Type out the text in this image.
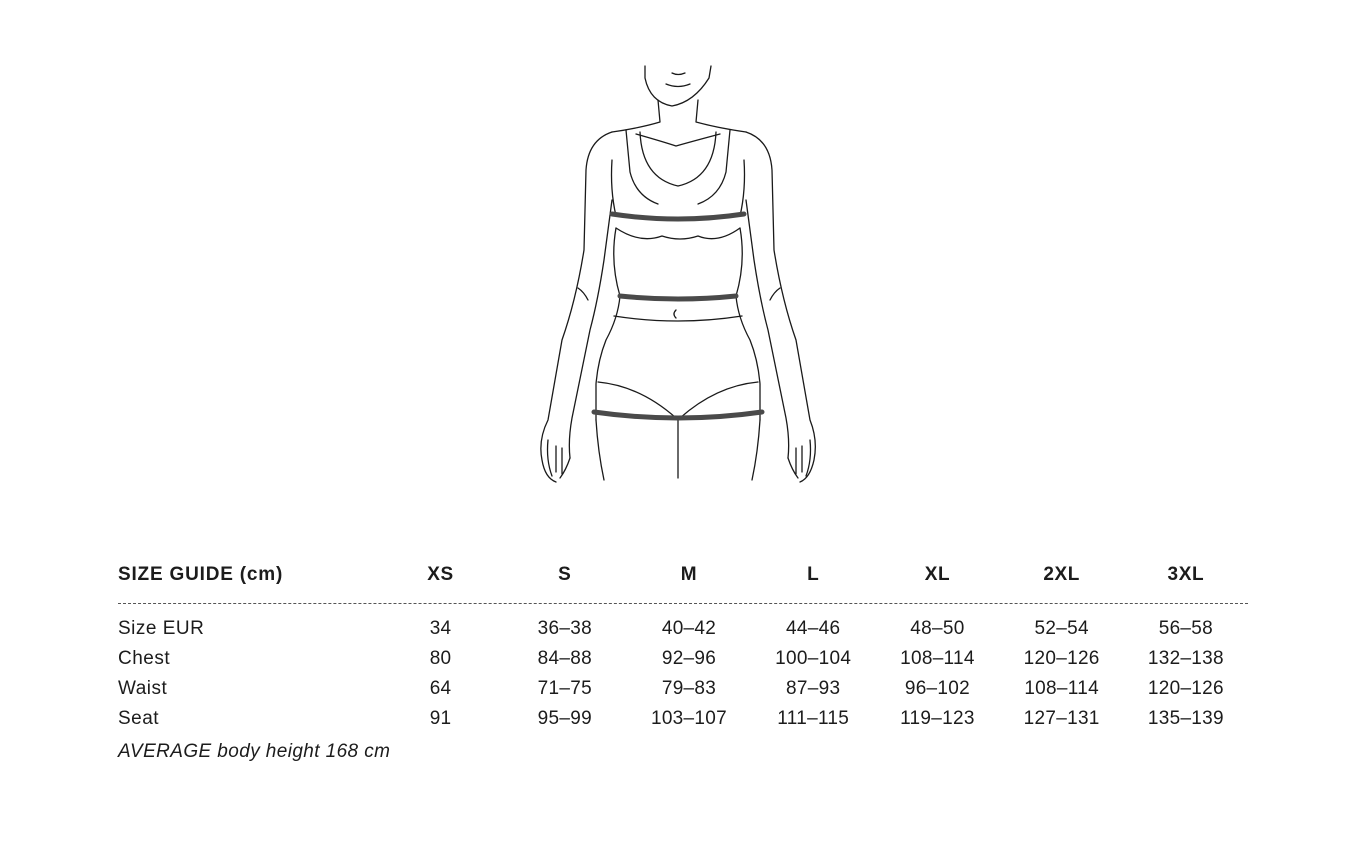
SIZE GUIDE (cm)	XS	S	M	L	XL	2XL	3XL

Size EUR	34	36–38	40–42	44–46	48–50	52–54	56–58
Chest	80	84–88	92–96	100–104	108–114	120–126	132–138
Waist	64	71–75	79–83	87–93	96–102	108–114	120–126
Seat	91	95–99	103–107	111–115	119–123	127–131	135–139
AVERAGE body height 168 cm
